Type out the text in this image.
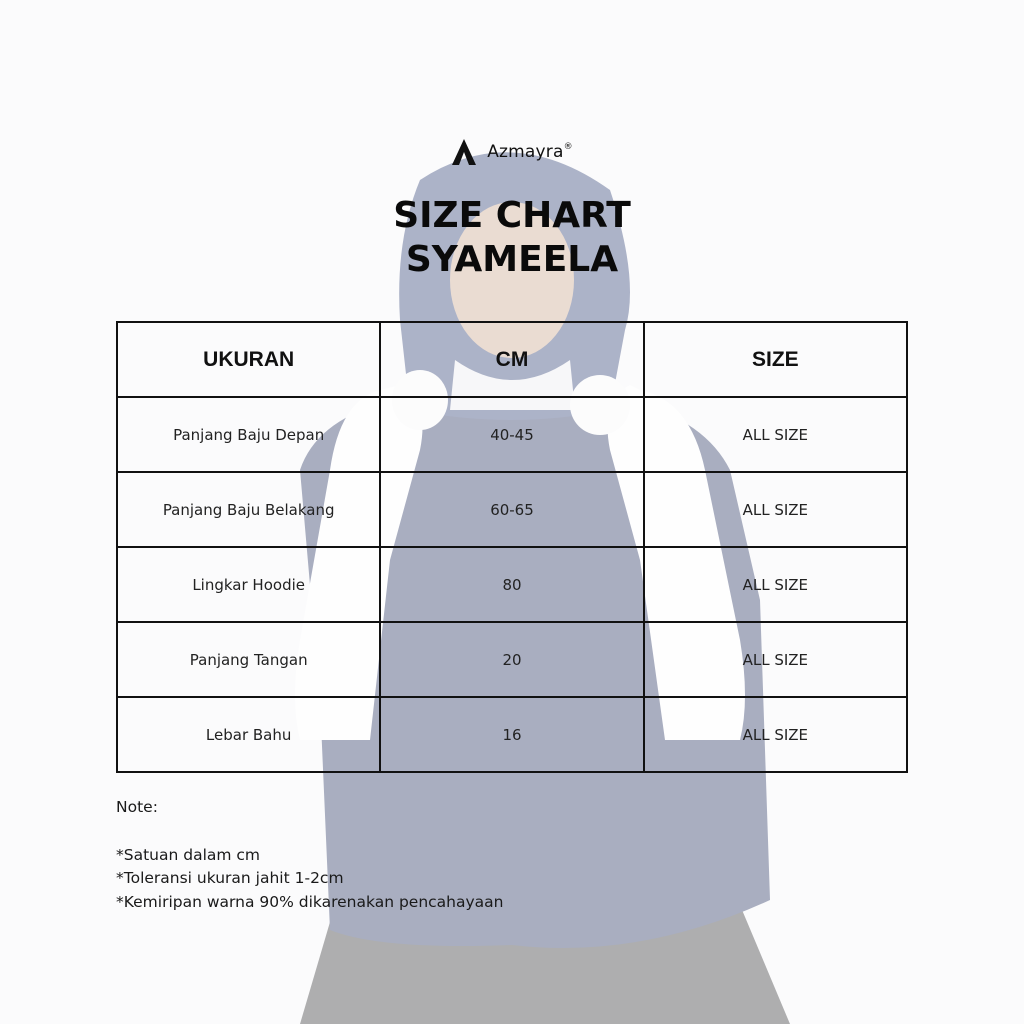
Azmayra®
SIZE CHART
SYAMEELA
UKURAN	CM	SIZE
Panjang Baju Depan	40-45	ALL SIZE
Panjang Baju Belakang	60-65	ALL SIZE
Lingkar Hoodie	80	ALL SIZE
Panjang Tangan	20	ALL SIZE
Lebar Bahu	16	ALL SIZE
Note:
*Satuan dalam cm
*Toleransi ukuran jahit 1-2cm
*Kemiripan warna 90% dikarenakan pencahayaan
